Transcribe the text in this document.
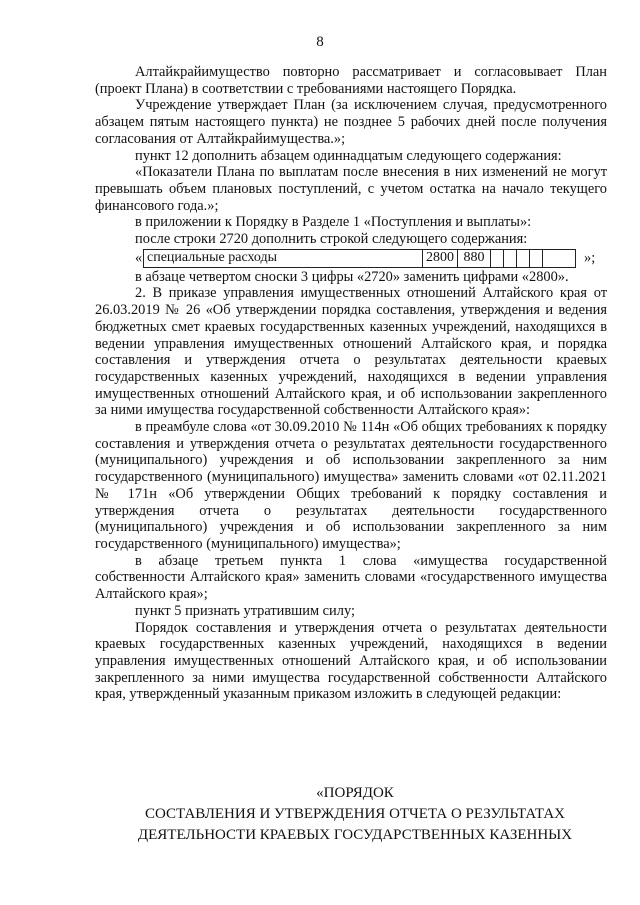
8

Алтайкрайимущество повторно рассматривает и согласовывает План (проект Плана) в соответствии с требованиями настоящего Порядка.

Учреждение утверждает План (за исключением случая, предусмотренного абзацем пятым настоящего пункта) не позднее 5 рабочих дней после получения согласования от Алтайкрайимущества.»;

пункт 12 дополнить абзацем одиннадцатым следующего содержания:

«Показатели Плана по выплатам после внесения в них изменений не могут превышать объем плановых поступлений, с учетом остатка на начало текущего финансового года.»;

в приложении к Порядку в Разделе 1 «Поступления и выплаты»:

после строки 2720 дополнить строкой следующего содержания:

« специальные расходы	2800	880						»;

в абзаце четвертом сноски 3 цифры «2720» заменить цифрами «2800».

2. В приказе управления имущественных отношений Алтайского края от 26.03.2019 № 26 «Об утверждении порядка составления, утверждения и ведения бюджетных смет краевых государственных казенных учреждений, находящихся в ведении управления имущественных отношений Алтайского края, и порядка составления и утверждения отчета о результатах деятельности краевых государственных казенных учреждений, находящихся в ведении управления имущественных отношений Алтайского края, и об использовании закрепленного за ними имущества государственной собственности Алтайского края»:

в преамбуле слова «от 30.09.2010 № 114н «Об общих требованиях к порядку составления и утверждения отчета о результатах деятельности государственного (муниципального) учреждения и об использовании закрепленного за ним государственного (муниципального) имущества» заменить словами «от 02.11.2021 № 171н «Об утверждении Общих требований к порядку составления и утверждения отчета о результатах деятельности государственного (муниципального) учреждения и об использовании закрепленного за ним государственного (муниципального) имущества»;

в абзаце третьем пункта 1 слова «имущества государственной собственности Алтайского края» заменить словами «государственного имущества Алтайского края»;

пункт 5 признать утратившим силу;

Порядок составления и утверждения отчета о результатах деятельности краевых государственных казенных учреждений, находящихся в ведении управления имущественных отношений Алтайского края, и об использовании закрепленного за ними имущества государственной собственности Алтайского края, утвержденный указанным приказом изложить в следующей редакции:

«ПОРЯДОК

СОСТАВЛЕНИЯ И УТВЕРЖДЕНИЯ ОТЧЕТА О РЕЗУЛЬТАТАХ

ДЕЯТЕЛЬНОСТИ КРАЕВЫХ ГОСУДАРСТВЕННЫХ КАЗЕННЫХ
